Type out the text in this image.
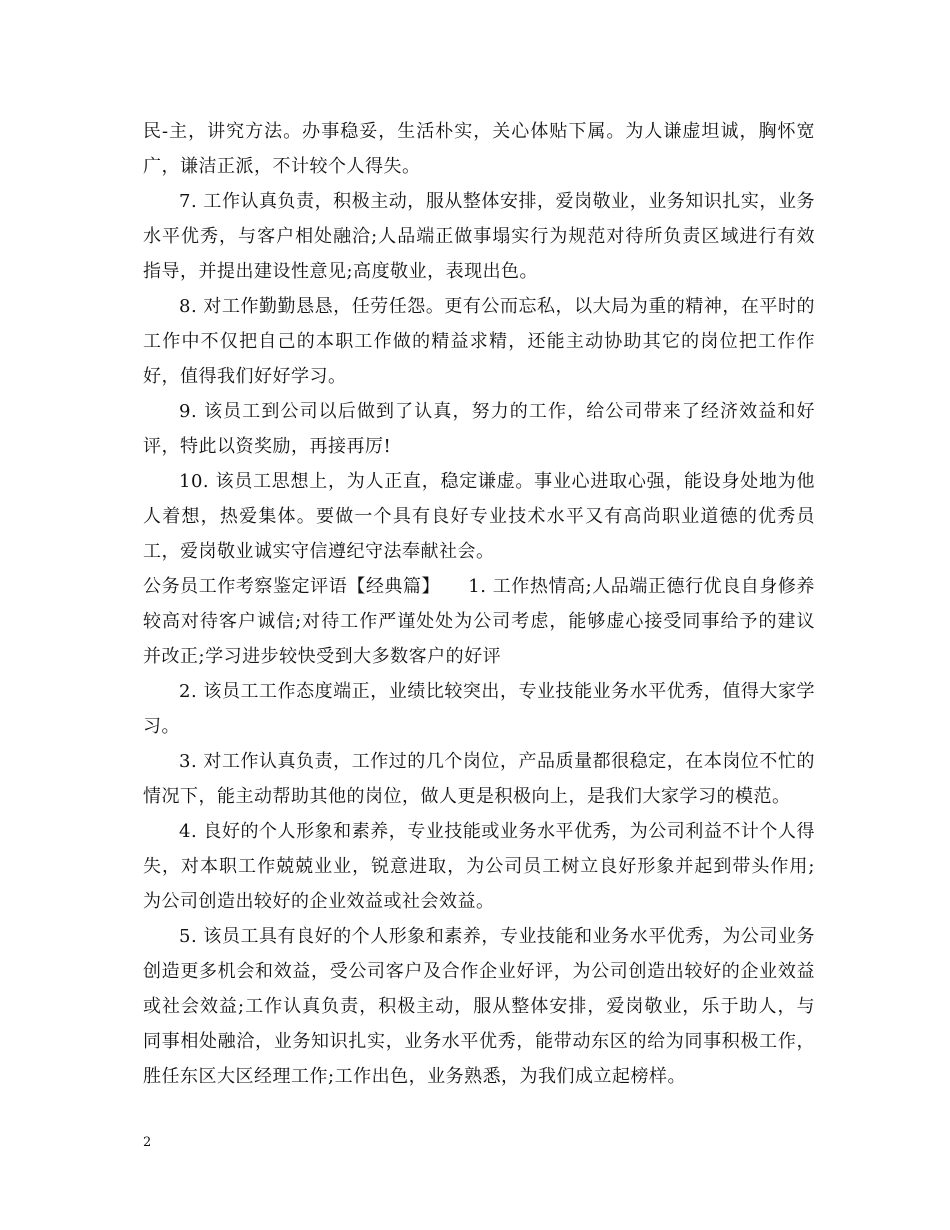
民-主，讲究方法。办事稳妥，生活朴实，关心体贴下属。为人谦虚坦诚，胸怀宽广，谦洁正派，不计较个人得失。

7. 工作认真负责，积极主动，服从整体安排，爱岗敬业，业务知识扎实，业务水平优秀，与客户相处融洽;人品端正做事塌实行为规范对待所负责区域进行有效指导，并提出建设性意见;高度敬业，表现出色。

8. 对工作勤勤恳恳，任劳任怨。更有公而忘私，以大局为重的精神，在平时的工作中不仅把自己的本职工作做的精益求精，还能主动协助其它的岗位把工作作好，值得我们好好学习。

9. 该员工到公司以后做到了认真，努力的工作，给公司带来了经济效益和好评，特此以资奖励，再接再厉!

10. 该员工思想上，为人正直，稳定谦虚。事业心进取心强，能设身处地为他人着想，热爱集体。要做一个具有良好专业技术水平又有高尚职业道德的优秀员工，爱岗敬业诚实守信遵纪守法奉献社会。

公务员工作考察鉴定评语【经典篇】　　1. 工作热情高;人品端正德行优良自身修养较高对待客户诚信;对待工作严谨处处为公司考虑，能够虚心接受同事给予的建议并改正;学习进步较快受到大多数客户的好评

2. 该员工工作态度端正，业绩比较突出，专业技能业务水平优秀，值得大家学习。

3. 对工作认真负责，工作过的几个岗位，产品质量都很稳定，在本岗位不忙的情况下，能主动帮助其他的岗位，做人更是积极向上，是我们大家学习的模范。

4. 良好的个人形象和素养，专业技能或业务水平优秀，为公司利益不计个人得失，对本职工作兢兢业业，锐意进取，为公司员工树立良好形象并起到带头作用;为公司创造出较好的企业效益或社会效益。

5. 该员工具有良好的个人形象和素养，专业技能和业务水平优秀，为公司业务创造更多机会和效益，受公司客户及合作企业好评，为公司创造出较好的企业效益或社会效益;工作认真负责，积极主动，服从整体安排，爱岗敬业，乐于助人，与同事相处融洽，业务知识扎实，业务水平优秀，能带动东区的给为同事积极工作，胜任东区大区经理工作;工作出色，业务熟悉，为我们成立起榜样。

2
